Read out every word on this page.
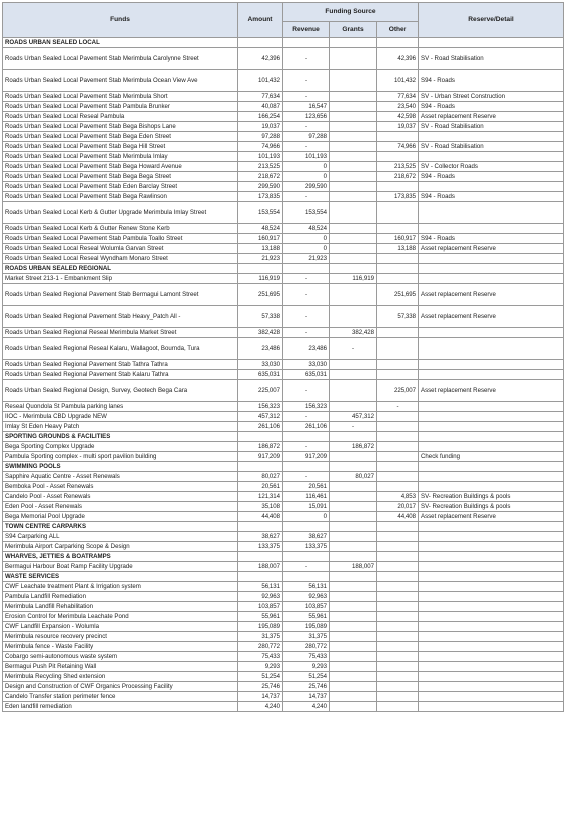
Funds	Amount	Funding Source			Reserve/Detail
		Revenue	Grants	Other	
ROADS URBAN SEALED LOCAL					
Roads Urban Sealed Local Pavement Stab Merimbula Carolynne Street	42,396	-		42,396	SV - Road Stabilisation
Roads Urban Sealed Local Pavement Stab Merimbula Ocean View Ave	101,432	-		101,432	S94 - Roads
Roads Urban Sealed Local Pavement Stab Merimbula Short	77,634	-		77,634	SV - Urban Street Construction
Roads Urban Sealed Local Pavement Stab Pambula Brunker	40,087	16,547		23,540	S94 - Roads
Roads Urban Sealed Local Reseal Pambula	166,254	123,656		42,598	Asset replacement Reserve
Roads Urban Sealed Local Pavement Stab Bega Bishops Lane	19,037	-		19,037	SV - Road Stabilisation
Roads Urban Sealed Local Pavement Stab Bega Eden Street	97,288	97,288			
Roads Urban Sealed Local Pavement Stab Bega Hill Street	74,966	-		74,966	SV - Road Stabilisation
Roads Urban Sealed Local Pavement Stab Merimbula Imlay	101,193	101,193			
Roads Urban Sealed Local Pavement Stab Bega Howard Avenue	213,525	0		213,525	SV - Collector Roads
Roads Urban Sealed Local Pavement Stab Bega Bega Street	218,672	0		218,672	S94 - Roads
Roads Urban Sealed Local Pavement Stab Eden Barclay Street	299,590	299,590			
Roads Urban Sealed Local Pavement Stab Bega Rawlinson	173,835	-		173,835	S94 - Roads
Roads Urban Sealed Local Kerb & Gutter Upgrade Merimbula Imlay Street	153,554	153,554			
Roads Urban Sealed Local Kerb & Gutter Renew Stone Kerb	48,524	48,524			
Roads Urban Sealed Local Pavement Stab Pambula Toallo Street	160,917	0		160,917	S94 - Roads
Roads Urban Sealed Local Reseal Wolumla Garvan Street	13,188	0		13,188	Asset replacement Reserve
Roads Urban Sealed Local Reseal Wyndham Monaro Street	21,923	21,923			
ROADS URBAN SEALED REGIONAL					
Market Street 213-1 - Embankment Slip	116,919	-	116,919		
Roads Urban Sealed Regional Pavement Stab Bermagui Lamont Street	251,695	-		251,695	Asset replacement Reserve
Roads Urban Sealed Regional Pavement Stab Heavy_Patch All -	57,338	-		57,338	Asset replacement Reserve
Roads Urban Sealed Regional Reseal Merimbula Market Street	382,428	-	382,428		
Roads Urban Sealed Regional Reseal Kalaru, Wallagoot, Bournda, Tura	23,486	23,486	-		
Roads Urban Sealed Regional Pavement Stab Tathra Tathra	33,030	33,030			
Roads Urban Sealed Regional Pavement Stab Kalaru Tathra	635,031	635,031			
Roads Urban Sealed Regional Design, Survey, Geotech Bega Cara	225,007	-		225,007	Asset replacement Reserve
Reseal Quondola St Pambula parking lanes	156,323	156,323		-	
IIOC - Merimbula CBD Upgrade NEW	457,312	-	457,312		
Imlay St Eden Heavy Patch	261,106	261,106	-		
SPORTING GROUNDS & FACILITIES					
Bega Sporting Complex Upgrade	186,872	-	186,872		
Pambula Sporting complex - multi sport pavilion building	917,209	917,209			Check funding
SWIMMING POOLS					
Sapphire Aquatic Centre - Asset Renewals	80,027	-	80,027		
Bemboka Pool - Asset Renewals	20,561	20,561			
Candelo Pool - Asset Renewals	121,314	116,461		4,853	SV- Recreation Buildings & pools
Eden Pool - Asset Renewals	35,108	15,091		20,017	SV- Recreation Buildings & pools
Bega Memorial Pool Upgrade	44,408	0		44,408	Asset replacement Reserve
TOWN CENTRE CARPARKS					
S94 Carparking ALL	38,627	38,627			
Merimbula Airport Carparking Scope & Design	133,375	133,375			
WHARVES, JETTIES & BOATRAMPS					
Bermagui Harbour Boat Ramp Facility Upgrade	188,007	-	188,007		
WASTE SERVICES					
CWF Leachate treatment Plant & Irrigation system	56,131	56,131			
Pambula Landfill Remediation	92,963	92,963			
Merimbula Landfill Rehabilitation	103,857	103,857			
Erosion Control for Merimbula Leachate Pond	55,961	55,961			
CWF Landfill Expansion - Wolumla	195,089	195,089			
Merimbula resource recovery precinct	31,375	31,375			
Merimbula fence - Waste Facility	280,772	280,772			
Cobargo semi-autonomous waste system	75,433	75,433			
Bermagui Push Pit Retaining Wall	9,293	9,293			
Merimbula Recycling Shed extension	51,254	51,254			
Design and Construction of CWF Organics Processing Facility	25,746	25,746			
Candelo Transfer station perimeter fence	14,737	14,737			
Eden landfill remediation	4,240	4,240			
